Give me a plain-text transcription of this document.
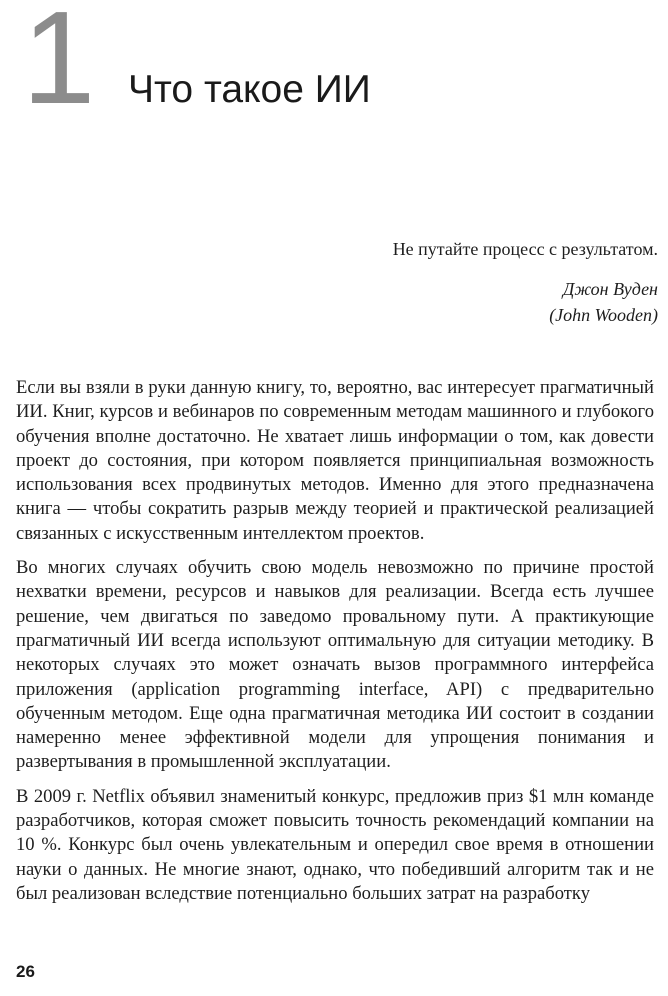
1 Что такое ИИ

Не путайте процесс с результатом.

Джон Вуден

(John Wooden)

Если вы взяли в руки данную книгу, то, вероятно, вас интересует прагматичный ИИ. Книг, курсов и вебинаров по современным методам машинного и глубокого обучения вполне достаточно. Не хватает лишь информации о том, как довести проект до состояния, при котором появляется принципиальная возможность использования всех продвинутых методов. Именно для этого предназначена книга — чтобы сократить разрыв между теорией и практической реализацией связанных с искусственным интеллектом проектов.

Во многих случаях обучить свою модель невозможно по причине простой нехватки времени, ресурсов и навыков для реализации. Всегда есть лучшее решение, чем двигаться по заведомо провальному пути. А практикующие прагматичный ИИ всегда используют оптимальную для ситуации методику. В некоторых случаях это может означать вызов программного интерфейса приложения (application programming interface, API) с предварительно обученным методом. Еще одна прагматичная методика ИИ состоит в создании намеренно менее эффективной модели для упрощения понимания и развертывания в промышленной эксплуатации.

В 2009 г. Netflix объявил знаменитый конкурс, предложив приз $1 млн команде разработчиков, которая сможет повысить точность рекомендаций компании на 10 %. Конкурс был очень увлекательным и опередил свое время в отношении науки о данных. Не многие знают, однако, что победивший алгоритм так и не был реализован вследствие потенциально больших затрат на разработку

26
